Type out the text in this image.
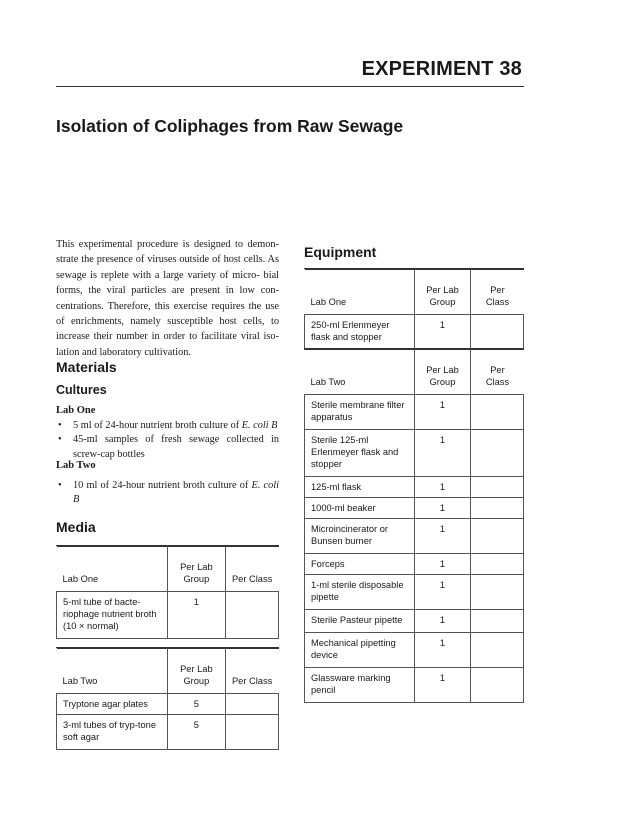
EXPERIMENT 38
Isolation of Coliphages from Raw Sewage

This experimental procedure is designed to demon-strate the presence of viruses outside of host cells. As sewage is replete with a large variety of micro- bial forms, the viral particles are present in low con-centrations. Therefore, this exercise requires the use of enrichments, namely susceptible host cells, to increase their number in order to facilitate viral iso-lation and laboratory cultivation.

Materials
Cultures
Lab One
• 5 ml of 24-hour nutrient broth culture of E. coli B
• 45-ml samples of fresh sewage collected in screw-cap bottles
Lab Two
• 10 ml of 24-hour nutrient broth culture of E. coli B
Media
Lab One	Per Lab Group	Per Class
5-ml tube of bacte-riophage nutrient broth (10 × normal)	1	
Lab Two	Per Lab Group	Per Class
Tryptone agar plates	5	
3-ml tubes of tryp-tone soft agar	5	
Equipment
Lab One	Per Lab Group	Per Class
250-ml Erlenmeyer flask and stopper	1	
Lab Two	Per Lab Group	Per Class
Sterile membrane filter apparatus	1	
Sterile 125-ml Erlenmeyer flask and stopper	1	
125-ml flask	1	
1000-ml beaker	1	
Microincinerator or Bunsen burner	1	
Forceps	1	
1-ml sterile disposable pipette	1	
Sterile Pasteur pipette	1	
Mechanical pipetting device	1	
Glassware marking pencil	1	
